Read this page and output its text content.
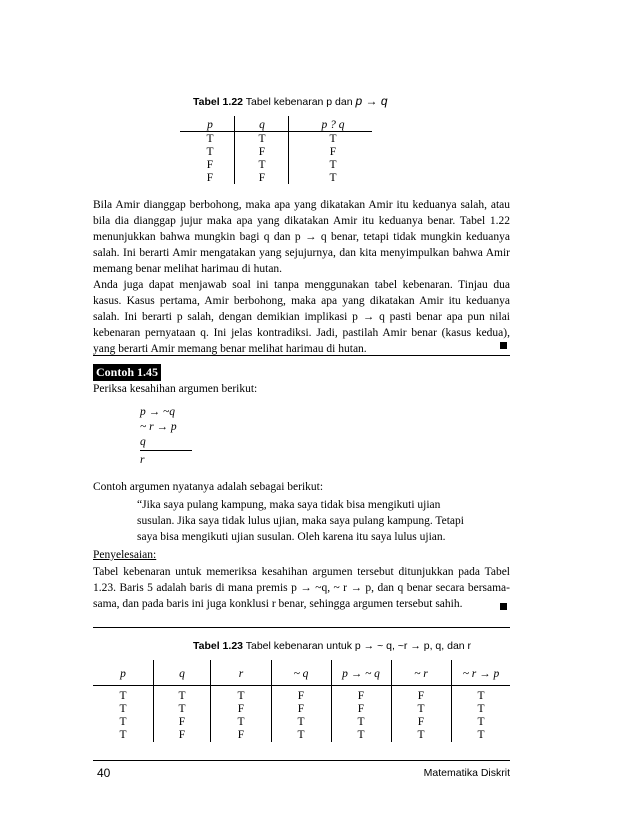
Tabel 1.22 Tabel kebenaran p dan p → q
p	q	p ? q
T	T	T
T	F	F
F	T	T
F	F	T
Bila Amir dianggap berbohong, maka apa yang dikatakan Amir itu keduanya salah, atau bila dia dianggap jujur maka apa yang dikatakan Amir itu keduanya benar. Tabel 1.22 menunjukkan bahwa mungkin bagi q dan p → q benar, tetapi tidak mungkin keduanya salah. Ini berarti Amir mengatakan yang sejujurnya, dan kita menyimpulkan bahwa Amir memang benar melihat harimau di hutan.
Anda juga dapat menjawab soal ini tanpa menggunakan tabel kebenaran. Tinjau dua kasus. Kasus pertama, Amir berbohong, maka apa yang dikatakan Amir itu keduanya salah. Ini berarti p salah, dengan demikian implikasi p → q pasti benar apa pun nilai kebenaran pernyataan q. Ini jelas kontradiksi. Jadi, pastilah Amir benar (kasus kedua), yang berarti Amir memang benar melihat harimau di hutan.
Contoh 1.45
Periksa kesahihan argumen berikut:
p → ~q
~ r → p
q
r
Contoh argumen nyatanya adalah sebagai berikut:
“Jika saya pulang kampung, maka saya tidak bisa mengikuti ujian susulan. Jika saya tidak lulus ujian, maka saya pulang kampung. Tetapi saya bisa mengikuti ujian susulan. Oleh karena itu saya lulus ujian.
Penyelesaian:
Tabel kebenaran untuk memeriksa kesahihan argumen tersebut ditunjukkan pada Tabel 1.23. Baris 5 adalah baris di mana premis p → ~q, ~ r → p, dan q benar secara bersama-sama, dan pada baris ini juga konklusi r benar, sehingga argumen tersebut sahih.
Tabel 1.23 Tabel kebenaran untuk p → ~ q, ~r → p, q, dan r
p	q	r	~ q	p → ~ q	~ r	~ r → p
T	T	T	F	F	F	T
T	T	F	F	F	T	T
T	F	T	T	T	F	T
T	F	F	T	T	T	T
40	Matematika Diskrit
